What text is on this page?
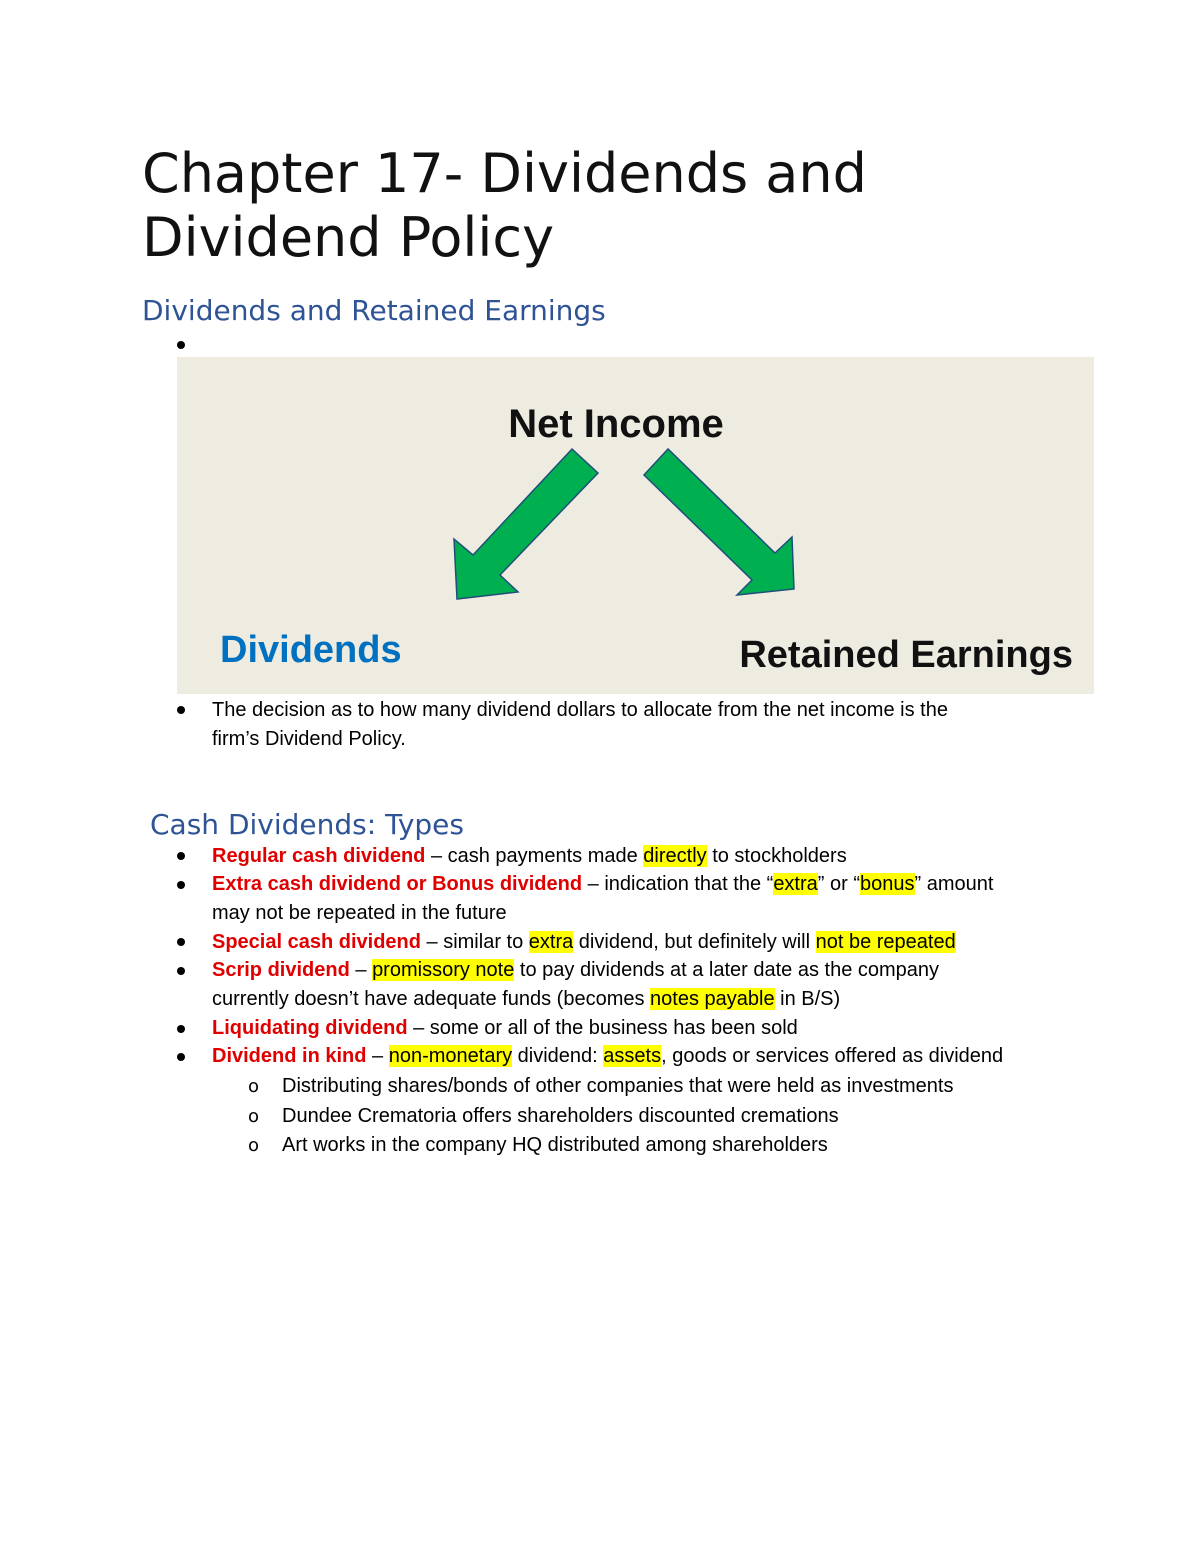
Chapter 17- Dividends and Dividend Policy
Dividends and Retained Earnings
Net Income
Dividends	Retained Earnings
The decision as to how many dividend dollars to allocate from the net income is the
firm’s Dividend Policy.
Cash Dividends: Types
Regular cash dividend – cash payments made directly to stockholders
Extra cash dividend or Bonus dividend – indication that the “extra” or “bonus” amount
may not be repeated in the future
Special cash dividend – similar to extra dividend, but definitely will not be repeated
Scrip dividend – promissory note to pay dividends at a later date as the company
currently doesn’t have adequate funds (becomes notes payable in B/S)
Liquidating dividend – some or all of the business has been sold
Dividend in kind – non-monetary dividend: assets, goods or services offered as dividend
o Distributing shares/bonds of other companies that were held as investments
o Dundee Crematoria offers shareholders discounted cremations
o Art works in the company HQ distributed among shareholders
